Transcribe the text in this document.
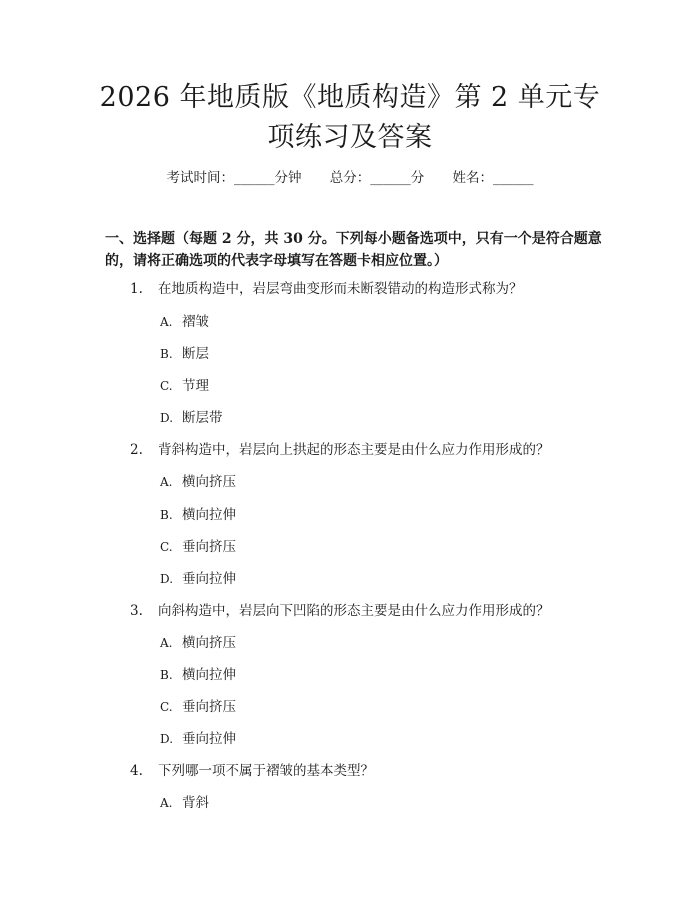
2026 年地质版《地质构造》第 2 单元专项练习及答案
考试时间：______分钟 总分：______分 姓名：______
一、选择题（每题 2 分，共 30 分。下列每小题备选项中，只有一个是符合题意的，请将正确选项的代表字母填写在答题卡相应位置。）
1. 在地质构造中，岩层弯曲变形而未断裂错动的构造形式称为？
A. 褶皱
B. 断层
C. 节理
D. 断层带
2. 背斜构造中，岩层向上拱起的形态主要是由什么应力作用形成的？
A. 横向挤压
B. 横向拉伸
C. 垂向挤压
D. 垂向拉伸
3. 向斜构造中，岩层向下凹陷的形态主要是由什么应力作用形成的？
A. 横向挤压
B. 横向拉伸
C. 垂向挤压
D. 垂向拉伸
4. 下列哪一项不属于褶皱的基本类型？
A. 背斜
